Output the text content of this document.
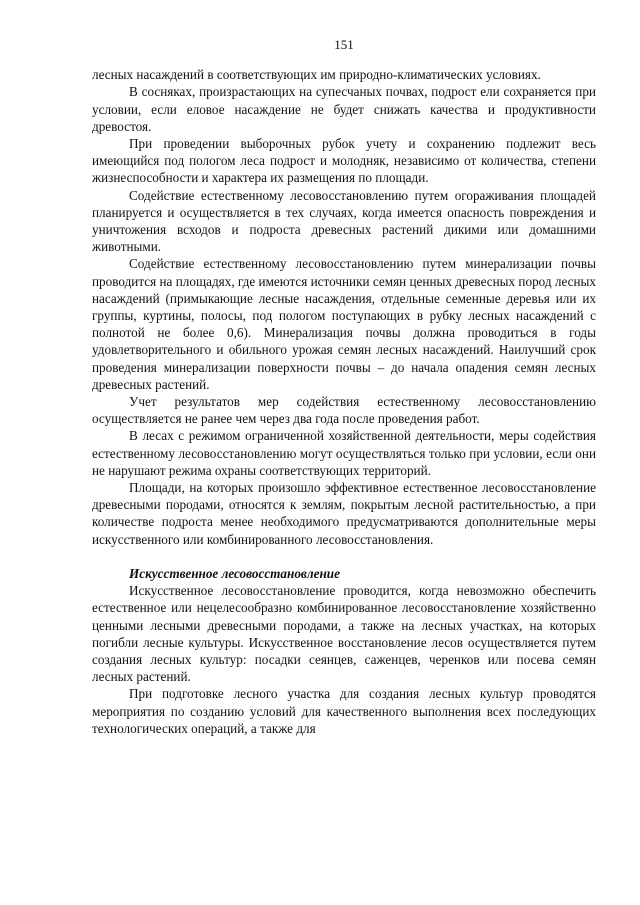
151

лесных насаждений в соответствующих им природно-климатических условиях.

В сосняках, произрастающих на супесчаных почвах, подрост ели сохраняется при условии, если еловое насаждение не будет снижать качества и продуктивности древостоя.

При проведении выборочных рубок учету и сохранению подлежит весь имеющийся под пологом леса подрост и молодняк, независимо от количества, степени жизнеспособности и характера их размещения по площади.

Содействие естественному лесовосстановлению путем огораживания площадей планируется и осуществляется в тех случаях, когда имеется опасность повреждения и уничтожения всходов и подроста древесных растений дикими или домашними животными.

Содействие естественному лесовосстановлению путем минерализации почвы проводится на площадях, где имеются источники семян ценных древесных пород лесных насаждений (примыкающие лесные насаждения, отдельные семенные деревья или их группы, куртины, полосы, под пологом поступающих в рубку лесных насаждений с полнотой не более 0,6). Минерализация почвы должна проводиться в годы удовлетворительного и обильного урожая семян лесных насаждений. Наилучший срок проведения минерализации поверхности почвы – до начала опадения семян лесных древесных растений.

Учет результатов мер содействия естественному лесовосстановлению осуществляется не ранее чем через два года после проведения работ.

В лесах с режимом ограниченной хозяйственной деятельности, меры содействия естественному лесовосстановлению могут осуществляться только при условии, если они не нарушают режима охраны соответствующих территорий.

Площади, на которых произошло эффективное естественное лесовосстановление древесными породами, относятся к землям, покрытым лесной растительностью, а при количестве подроста менее необходимого предусматриваются дополнительные меры искусственного или комбинированного лесовосстановления.

Искусственное лесовосстановление

Искусственное лесовосстановление проводится, когда невозможно обеспечить естественное или нецелесообразно комбинированное лесовосстановление хозяйственно ценными лесными древесными породами, а также на лесных участках, на которых погибли лесные культуры. Искусственное восстановление лесов осуществляется путем создания лесных культур: посадки сеянцев, саженцев, черенков или посева семян лесных растений.

При подготовке лесного участка для создания лесных культур проводятся мероприятия по созданию условий для качественного выполнения всех последующих технологических операций, а также для
